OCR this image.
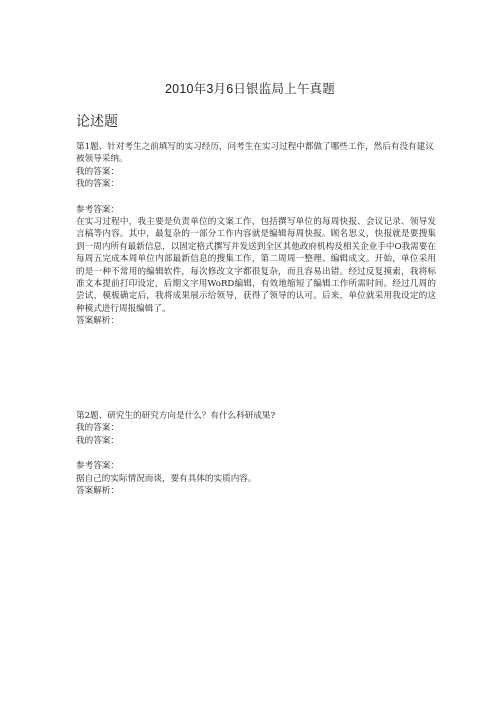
2010年3月6日银监局上午真题
论述题

第1题、针对考生之前填写的实习经历，问考生在实习过程中都做了哪些工作，然后有没有建议被领导采纳。

我的答案：

我的答案：

参考答案：

在实习过程中，我主要是负责单位的文案工作，包括撰写单位的每周快报、会议记录、领导发言稿等内容。其中，最复杂的一部分工作内容就是编辑每周快报。顾名思义，快报就是要搜集到一周内所有最新信息，以固定格式撰写并发送到全区其他政府机构及相关企业手中O我需要在每周五完成本周单位内部最新信息的搜集工作，第二周周一整理、编辑成文。开始，单位采用的是一种不常用的编辑软件，每次修改文字都很复杂，而且容易出错。经过反复摸索，我将标准文本提前打印设定，后期文字用WoRD编辑，有效地缩短了编辑工作所需时间。经过几周的尝试，模板确定后，我将成果展示给领导，获得了领导的认可。后来，单位就采用我设定的这种模式进行周报编辑了。

答案解析：

第2题、研究生的研究方向是什么？有什么科研成果?

我的答案：

我的答案：

参考答案：

据自己的实际情况而谈，要有具体的实质内容。

答案解析：
